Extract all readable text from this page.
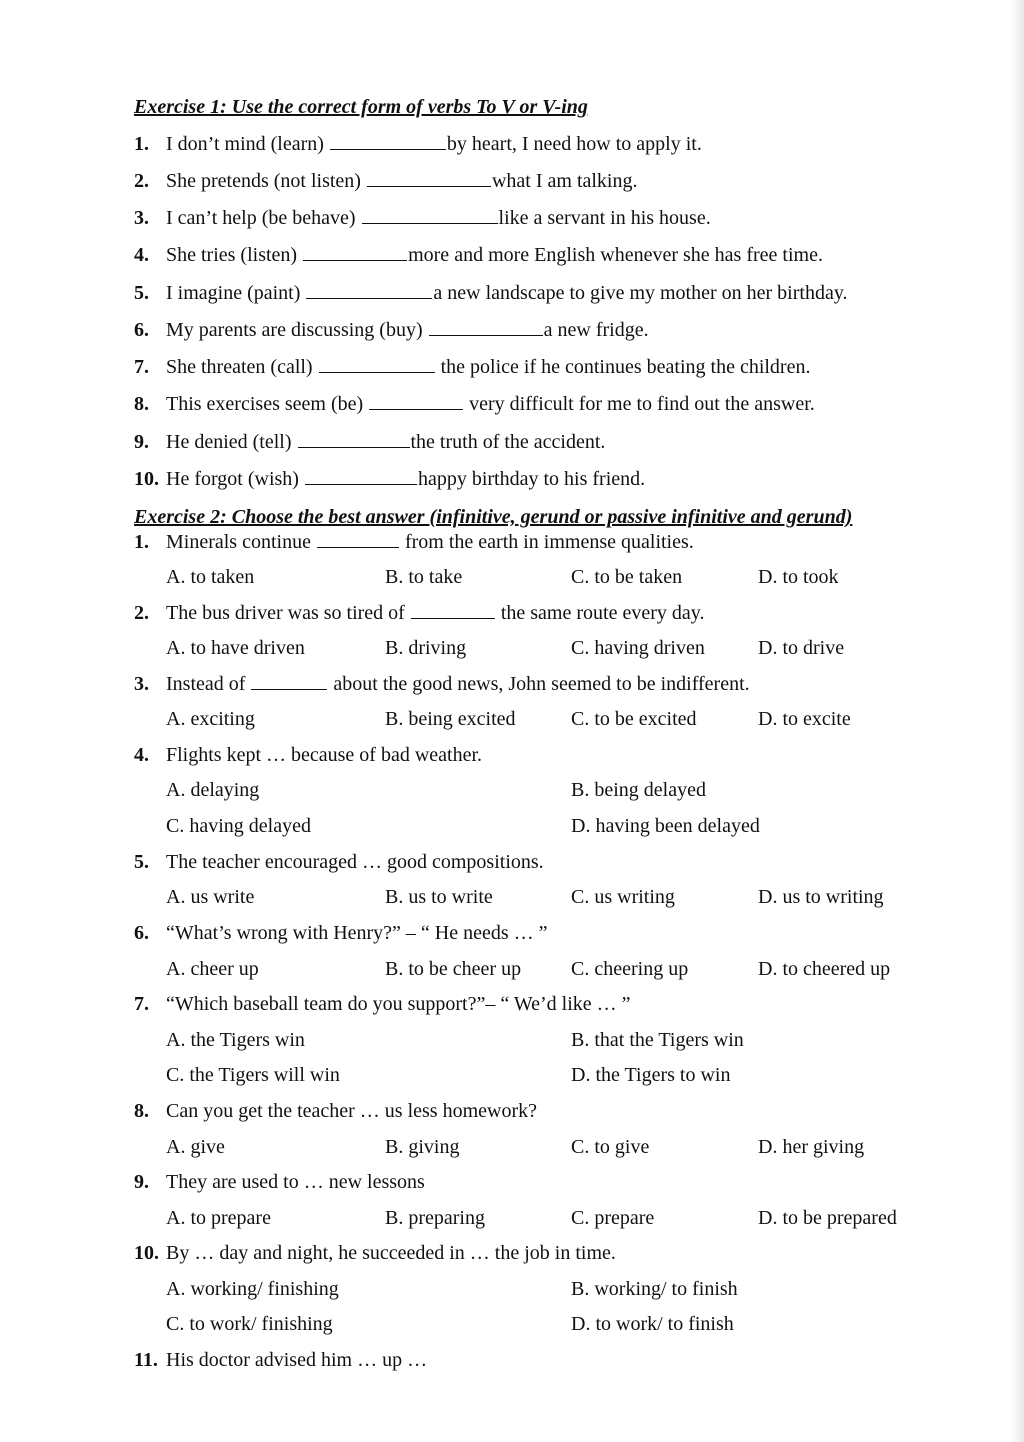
Exercise 1: Use the correct form of verbs To V or V-ing
1. I don’t mind (learn)	by heart, I need how to apply it.
2. She pretends (not listen)	what I am talking.
3. I can’t help (be behave)	like a servant in his house.
4. She tries (listen)	more and more English whenever she has free time.
5. I imagine (paint)	a new landscape to give my mother on her birthday.
6. My parents are discussing (buy)	a new fridge.
7. She threaten (call)	the police if he continues beating the children.
8. This exercises seem (be)	very difficult for me to find out the answer.
9. He denied (tell)	the truth of the accident.
10. He forgot (wish)	happy birthday to his friend.
Exercise 2: Choose the best answer (infinitive, gerund or passive infinitive and gerund)
1. Minerals continue	from the earth in immense qualities.
A. to taken	B. to take	C. to be taken	D. to took
2. The bus driver was so tired of	the same route every day.
A. to have driven	B. driving	C. having driven	D. to drive
3. Instead of	about the good news, John seemed to be indifferent.
A. exciting	B. being excited	C. to be excited	D. to excite
4. Flights kept … because of bad weather.
A. delaying	B. being delayed
C. having delayed	D. having been delayed
5. The teacher encouraged … good compositions.
A. us write	B. us to write	C. us writing	D. us to writing
6. “What’s wrong with Henry?” – “ He needs … ”
A. cheer up	B. to be cheer up C. cheering up	D. to cheered up
7. “Which baseball team do you support?”– “ We’d like … ”
A. the Tigers win	B. that the Tigers win
C. the Tigers will win	D. the Tigers to win
8. Can you get the teacher … us less homework?
A. give	B. giving	C. to give	D. her giving
9. They are used to … new lessons
A. to prepare	B. preparing	C. prepare	D. to be prepared
10. By … day and night, he succeeded in … the job in time.
A. working/ finishing	B. working/ to finish
C. to work/ finishing	D. to work/ to finish
11. His doctor advised him … up …
